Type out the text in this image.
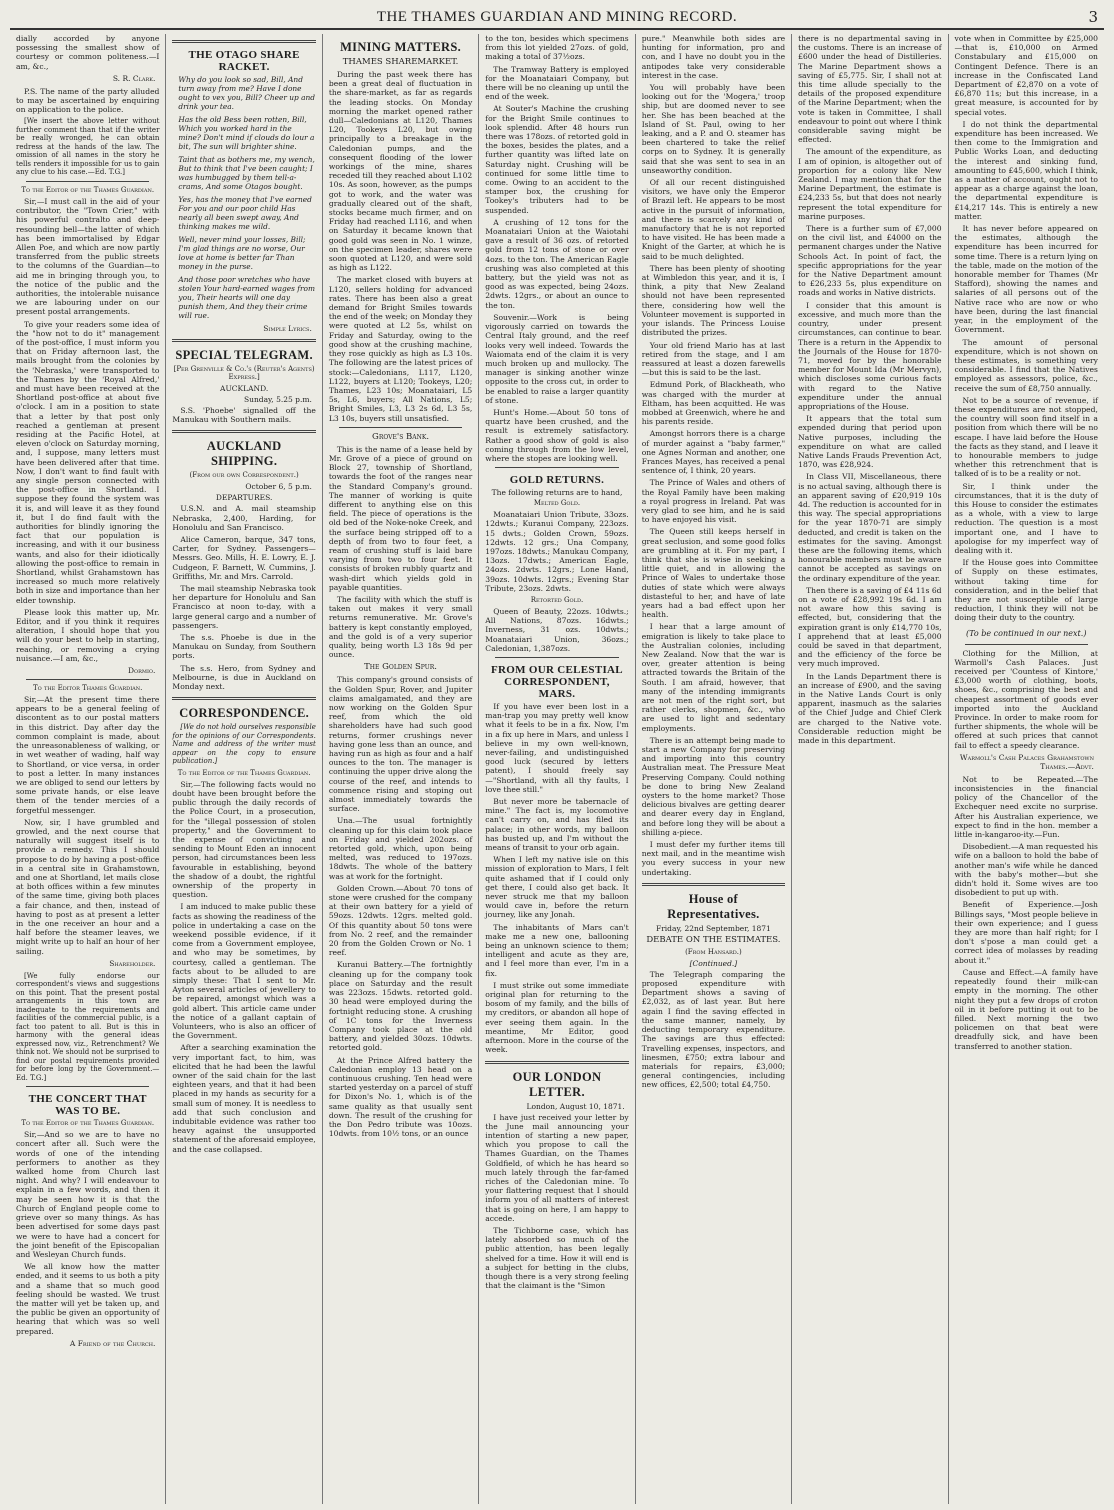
THE THAMES GUARDIAN AND MINING RECORD.	3

dially accorded by anyone possessing the smallest show of courtesy or common politeness.—I am, &c.,

S. R. Clark.

P.S. The name of the party alluded to may be ascertained by enquiring on application to the police.

[We insert the above letter without further comment than that if the writer be really wronged, he can obtain redress at the hands of the law. The omission of all names in the story he tells renders it impossible for us to gain any clue to his case.—Ed. T.G.]

To the Editor of the Thames Guardian.

Sir,—I must call in the aid of your contributor, the "Town Crier," with his powerful contralto and deep-resounding bell—the latter of which has been immortalised by Edgar Allen Poe, and which are now partly transferred from the public streets to the columns of the Guardian—to aid me in bringing through you, to the notice of the public and the authorities, the intolerable nuisance we are labouring under on our present postal arrangements.

To give your readers some idea of the "how not to do it" management of the post-office, I must inform you that on Friday afternoon last, the mails brought from the colonies by the 'Nebraska,' were transported to the Thames by the 'Royal Alfred,' and must have been received at the Shortland post-office at about five o'clock. I am in a position to state that a letter by that post only reached a gentleman at present residing at the Pacific Hotel, at eleven o'clock on Saturday morning, and, I suppose, many letters must have been delivered after that time. Now, I don't want to find fault with any single person connected with the post-office in Shortland. I suppose they found the system was it is, and will leave it as they found it, but I do find fault with the authorities for blindly ignoring the fact that our population is increasing, and with it our business wants, and also for their idiotically allowing the post-office to remain in Shortland, whilst Grahamstown has increased so much more relatively both in size and importance than her elder township.

Please look this matter up, Mr. Editor, and if you think it requires alteration, I should hope that you will do your best to help in starting, reaching, or removing a crying nuisance.—I am, &c.,

Dormio.
To the Editor Thames Guardian.

Sir,—At the present time there appears to be a general feeling of discontent as to our postal matters in this district. Day after day the common complaint is made, about the unreasonableness of walking, or in wet weather of wading, half way to Shortland, or vice versa, in order to post a letter. In many instances we are obliged to send our letters by some private hands, or else leave them of the tender mercies of a forgetful messenger.

Now, sir, I have grumbled and growled, and the next course that naturally will suggest itself is to provide a remedy. This I should propose to do by having a post-office in a central site in Grahamstown, and one at Shortland, let mails close at both offices within a few minutes of the same time, giving both places a fair chance, and then, instead of having to post as at present a letter in the one receiver an hour and a half before the steamer leaves, we might write up to half an hour of her sailing.

Shareholder.

[We fully endorse our correspondent's views and suggestions on this point. That the present postal arrangements in this town are inadequate to the requirements and facilities of the commercial public, is a fact too patent to all. But is this in harmony with the general ideas expressed now, viz., Retrenchment? We think not. We should not be surprised to find our postal requirements provided for before long by the Government.—Ed. T.G.]

THE CONCERT THAT WAS TO BE.
To the Editor of the Thames Guardian.

Sir,—And so we are to have no concert after all. Such were the words of one of the intending performers to another as they walked home from Church last night. And why? I will endeavour to explain in a few words, and then it may be seen how it is that the Church of England people come to grieve over so many things. As has been advertised for some days past we were to have had a concert for the joint benefit of the Episcopalian and Wesleyan Church funds.

We all know how the matter ended, and it seems to us both a pity and a shame that so much good feeling should be wasted. We trust the matter will yet be taken up, and the public be given an opportunity of hearing that which was so well prepared.

A Friend of the Church.
THE OTAGO SHARE RACKET.

Why do you look so sad, Bill, And turn away from me? Have I done ought to vex you, Bill? Cheer up and drink your tea.

Has the old Bess been rotten, Bill, Which you worked hard in the mine? Don't mind if clouds do lour a bit, The sun will brighter shine.

Taint that as bothers me, my wench, But to think that I've been caught; I was humbugged by them tell-a-crams, And some Otagos bought.

Yes, has the money that I've earned For you and our poor child Has nearly all been swept away, And thinking makes me wild.

Well, never mind your losses, Bill; I'm glad things are no worse, Our love at home is better far Than money in the purse.

And those poor wretches who have stolen Your hard-earned wages from you, Their hearts will one day punish them, And they their crime will rue.

Simple Lyrics.
SPECIAL TELEGRAM.
[Per Grenville & Co.'s (Reuter's Agents) Express.]
AUCKLAND.
Sunday, 5.25 p.m.

S.S. 'Phoebe' signalled off the Manukau with Southern mails.

AUCKLAND SHIPPING.
(From our own Correspondent.)
October 6, 5 p.m.
DEPARTURES.

U.S.N. and A. mail steamship Nebraska, 2,400, Harding, for Honolulu and San Francisco.

Alice Cameron, barque, 347 tons, Carter, for Sydney. Passengers—Messrs. Geo. Mills, H. E. Lowry, E. J. Cudgeon, F. Barnett, W. Cummins, J. Griffiths, Mr. and Mrs. Carrold.

The mail steamship Nebraska took her departure for Honolulu and San Francisco at noon to-day, with a large general cargo and a number of passengers.

The s.s. Phoebe is due in the Manukau on Sunday, from Southern ports.

The s.s. Hero, from Sydney and Melbourne, is due in Auckland on Monday next.

CORRESPONDENCE.

[We do not hold ourselves responsible for the opinions of our Correspondents. Name and address of the writer must appear on the copy to ensure publication.]

To the Editor of the Thames Guardian.

Sir,—The following facts would no doubt have been brought before the public through the daily records of the Police Court, in a prosecution, for the "illegal possession of stolen property," and the Government to the expense of convicting and sending to Mount Eden an innocent person, had circumstances been less favourable in establishing, beyond the shadow of a doubt, the rightful ownership of the property in question.

I am induced to make public these facts as showing the readiness of the police in undertaking a case on the weekend possible evidence, if it come from a Government employee, and who may be sometimes, by courtesy, called a gentleman. The facts about to be alluded to are simply these: That I sent to Mr. Ayton several articles of jewellery to be repaired, amongst which was a gold albert. This article came under the notice of a gallant captain of Volunteers, who is also an officer of the Government.

After a searching examination the very important fact, to him, was elicited that he had been the lawful owner of the said chain for the last eighteen years, and that it had been placed in my hands as security for a small sum of money. It is needless to add that such conclusion and indubitable evidence was rather too heavy against the unsupported statement of the aforesaid employee, and the case collapsed.

MINING MATTERS.
THAMES SHAREMARKET.

During the past week there has been a great deal of fluctuation in the share-market, as far as regards the leading stocks. On Monday morning the market opened rather dull—Caledonians at L120, Thames L20, Tookeys L20, but owing principally to a breakage in the Caledonian pumps, and the consequent flooding of the lower workings of the mine, shares receded till they reached about L102 10s. As soon, however, as the pumps got to work, and the water was gradually cleared out of the shaft, stocks became much firmer, and on Friday had reached L116, and when on Saturday it became known that good gold was seen in No. 1 winze, on the specimen leader, shares were soon quoted at L120, and were sold as high as L122.

The market closed with buyers at L120, sellers holding for advanced rates. There has been also a great demand for Bright Smiles towards the end of the week; on Monday they were quoted at L2 5s, whilst on Friday and Saturday, owing to the good show at the crushing machine, they rose quickly as high as L3 10s. The following are the latest prices of stock:—Caledonians, L117, L120, L122, buyers at L120; Tookeys, L20; Thames, L23 10s; Moanataiari, L5 5s, L6, buyers; All Nations, L5; Bright Smiles, L3, L3 2s 6d, L3 5s, L3 10s, buyers still unsatisfied.

Grove's Bank.

This is the name of a lease held by Mr. Grove of a piece of ground on Block 27, township of Shortland, towards the foot of the ranges near the Standard Company's ground. The manner of working is quite different to anything else on this field. The piece of operations is the old bed of the Noke-noke Creek, and the surface being stripped off to a depth of from two to four feet, a ream of crushing stuff is laid bare varying from two to four feet. It consists of broken rubbly quartz and wash-dirt which yields gold in payable quantities.

The facility with which the stuff is taken out makes it very small returns remunerative. Mr. Grove's battery is kept constantly employed, and the gold is of a very superior quality, being worth L3 18s 9d per ounce.

The Golden Spur.

This company's ground consists of the Golden Spur, Rover, and Jupiter claims amalgamated, and they are now working on the Golden Spur reef, from which the old shareholders have had such good returns, former crushings never having gone less than an ounce, and having run as high as four and a half ounces to the ton. The manager is continuing the upper drive along the course of the reef, and intends to commence rising and stoping out almost immediately towards the surface.

Una.—The usual fortnightly cleaning up for this claim took place on Friday and yielded 202ozs. of retorted gold, which, upon being melted, was reduced to 197ozs. 18dwts. The whole of the battery was at work for the fortnight.

Golden Crown.—About 70 tons of stone were crushed for the company at their own battery for a yield of 59ozs. 12dwts. 12grs. melted gold. Of this quantity about 50 tons were from No. 2 reef, and the remainder 20 from the Golden Crown or No. 1 reef.

Kuranui Battery.—The fortnightly cleaning up for the company took place on Saturday and the result was 223ozs. 15dwts. retorted gold. 30 head were employed during the fortnight reducing stone. A crushing of 1C tons for the Inverness Company took place at the old battery, and yielded 30ozs. 10dwts. retorted gold.

At the Prince Alfred battery the Caledonian employ 13 head on a continuous crushing. Ten head were started yesterday on a parcel of stuff for Dixon's No. 1, which is of the same quality as that usually sent down. The result of the crushing for the Don Pedro tribute was 10ozs. 10dwts. from 10½ tons, or an ounce

to the ton, besides which specimens from this lot yielded 27ozs. of gold, making a total of 37½ozs.

The Tramway Battery is employed for the Moanataiari Company, but there will be no cleaning up until the end of the week.

At Souter's Machine the crushing for the Bright Smile continues to look splendid. After 48 hours run there was 178ozs. of retorted gold in the boxes, besides the plates, and a further quantity was lifted late on Saturday night. Crushing will be continued for some little time to come. Owing to an accident to the stamper box, the crushing for Tookey's tributers had to be suspended.

A crushing of 12 tons for the Moanataiari Union at the Waiotahi gave a result of 36 ozs. of retorted gold from 12 tons of stone or over 4ozs. to the ton. The American Eagle crushing was also completed at this battery, but the yield was not as good as was expected, being 24ozs. 2dwts. 12grs., or about an ounce to the ton.

Souvenir.—Work is being vigorously carried on towards the Central Italy ground, and the reef looks very well indeed. Towards the Waiomata end of the claim it is very much broken up and mullocky. The manager is sinking another winze opposite to the cross cut, in order to be enabled to raise a larger quantity of stone.

Hunt's Home.—About 50 tons of quartz have been crushed, and the result is extremely satisfactory. Rather a good show of gold is also coming through from the low level, where the stopes are looking well.

GOLD RETURNS.
The following returns are to hand,
Melted Gold.

Moanataiari Union Tribute, 33ozs. 12dwts.; Kuranui Company, 223ozs. 15 dwts.; Golden Crown, 59ozs. 12dwts. 12 grs.; Una Company, 197ozs. 18dwts.; Manukau Company, 13ozs. 17dwts.; American Eagle, 24ozs. 2dwts. 12grs.; Lone Hand, 39ozs. 10dwts. 12grs.; Evening Star Tribute, 23ozs. 2dwts.

Retorted Gold.

Queen of Beauty, 22ozs. 10dwts.; All Nations, 87ozs. 16dwts.; Inverness, 31 ozs. 10dwts.; Moanataiari Union, 36ozs.; Caledonian, 1,387ozs.

FROM OUR CELESTIAL CORRESPONDENT, MARS.

If you have ever been lost in a man-trap you may pretty well know what it feels to be in a fix. Now, I'm in a fix up here in Mars, and unless I believe in my own well-known, never-failing, and undistinguished good luck (secured by letters patent), I should freely say—"Shortland, with all thy faults, I love thee still."

But never more be tabernacle of mine." The fact is, my locomotive can't carry on, and has filed its palace; in other words, my balloon has busted up, and I'm without the means of transit to your orb again.

When I left my native isle on this mission of exploration to Mars, I felt quite ashamed that if I could only get there, I could also get back. It never struck me that my balloon would cave in, before the return journey, like any Jonah.

The inhabitants of Mars can't make me a new one, ballooning being an unknown science to them; intelligent and acute as they are, and I feel more than ever, I'm in a fix.

I must strike out some immediate original plan for returning to the bosom of my family, and the bills of my creditors, or abandon all hope of ever seeing them again. In the meantime, Mr Editor, good afternoon. More in the course of the week.

OUR LONDON LETTER.
London, August 10, 1871.

I have just received your letter by the June mail announcing your intention of starting a new paper, which you propose to call the Thames Guardian, on the Thames Goldfield, of which he has heard so much lately through the far-famed riches of the Caledonian mine. To your flattering request that I should inform you of all matters of interest that is going on here, I am happy to accede.

The Tichborne case, which has lately absorbed so much of the public attention, has been legally shelved for a time. How it will end is a subject for betting in the clubs, though there is a very strong feeling that the claimant is the "Simon

pure." Meanwhile both sides are hunting for information, pro and con, and I have no doubt you in the antipodes take very considerable interest in the case.

You will probably have been looking out for the 'Mogera,' troop ship, but are doomed never to see her. She has been beached at the Island of St. Paul, owing to her leaking, and a P. and O. steamer has been chartered to take the relief corps on to Sydney. It is generally said that she was sent to sea in an unseaworthy condition.

Of all our recent distinguished visitors, we have only the Emperor of Brazil left. He appears to be most active in the pursuit of information, and there is scarcely any kind of manufactory that he is not reported to have visited. He has been made a Knight of the Garter, at which he is said to be much delighted.

There has been plenty of shooting at Wimbledon this year, and it is, I think, a pity that New Zealand should not have been represented there, considering how well the Volunteer movement is supported in your islands. The Princess Louise distributed the prizes.

Your old friend Mario has at last retired from the stage, and I am reassured at least a dozen farewells—but this is said to be the last.

Edmund Pork, of Blackheath, who was charged with the murder at Eltham, has been acquitted. He was mobbed at Greenwich, where he and his parents reside.

Amongst horrors there is a charge of murder against a "baby farmer," one Agnes Norman and another, one Frances Mayes, has received a penal sentence of, I think, 20 years.

The Prince of Wales and others of the Royal Family have been making a royal progress in Ireland. Pat was very glad to see him, and he is said to have enjoyed his visit.

The Queen still keeps herself in great seclusion, and some good folks are grumbling at it. For my part, I think that she is wise in seeking a little quiet, and in allowing the Prince of Wales to undertake those duties of state which were always distasteful to her, and have of late years had a bad effect upon her health.

I hear that a large amount of emigration is likely to take place to the Australian colonies, including New Zealand. Now that the war is over, greater attention is being attracted towards the Britain of the South. I am afraid, however, that many of the intending immigrants are not men of the right sort, but rather clerks, shopmen, &c., who are used to light and sedentary employments.

There is an attempt being made to start a new Company for preserving and importing into this country Australian meat. The Pressure Meat Preserving Company. Could nothing be done to bring New Zealand oysters to the home market? Those delicious bivalves are getting dearer and dearer every day in England, and before long they will be about a shilling a-piece.

I must defer my further items till next mail, and in the meantime wish you every success in your new undertaking.

House of Representatives.
Friday, 22nd September, 1871
DEBATE ON THE ESTIMATES.
(From Hansard.)
[Continued.]

The Telegraph comparing the proposed expenditure with Department shows a saving of £2,032, as of last year. But here again I find the saving effected in the same manner, namely, by deducting temporary expenditure. The savings are thus effected: Travelling expenses, inspectors, and linesmen, £750; extra labour and materials for repairs, £3,000; general contingencies, including new offices, £2,500; total £4,750.

there is no departmental saving in the customs. There is an increase of £600 under the head of Distilleries. The Marine Department shows a saving of £5,775. Sir, I shall not at this time allude specially to the details of the proposed expenditure of the Marine Department; when the vote is taken in Committee, I shall endeavour to point out where I think considerable saving might be effected.

The amount of the expenditure, as I am of opinion, is altogether out of proportion for a colony like New Zealand. I may mention that for the Marine Department, the estimate is £24,233 5s, but that does not nearly represent the total expenditure for marine purposes.

There is a further sum of £7,000 on the civil list, and £4000 on the permanent charges under the Native Schools Act. In point of fact, the specific appropriations for the year for the Native Department amount to £26,233 5s, plus expenditure on roads and works in Native districts.

I consider that this amount is excessive, and much more than the country, under present circumstances, can continue to bear. There is a return in the Appendix to the Journals of the House for 1870-71, moved for by the honorable member for Mount Ida (Mr Mervyn), which discloses some curious facts with regard to the Native expenditure under the annual appropriations of the House.

It appears that the total sum expended during that period upon Native purposes, including the expenditure on what are called Native Lands Frauds Prevention Act, 1870, was £28,924.

In Class VII, Miscellaneous, there is no actual saving, although there is an apparent saving of £20,919 10s 4d. The reduction is accounted for in this way. The special appropriations for the year 1870-71 are simply deducted, and credit is taken on the estimates for the saving. Amongst these are the following items, which honourable members must be aware cannot be accepted as savings on the ordinary expenditure of the year.

Then there is a saving of £4 11s 6d on a vote of £28,992 19s 6d. I am not aware how this saving is effected, but, considering that the expiration grant is only £14,770 10s, I apprehend that at least £5,000 could be saved in that department, and the efficiency of the force be very much improved.

In the Lands Department there is an increase of £900, and the saving in the Native Lands Court is only apparent, inasmuch as the salaries of the Chief Judge and Chief Clerk are charged to the Native vote. Considerable reduction might be made in this department.

vote when in Committee by £25,000—that is, £10,000 on Armed Constabulary and £15,000 on Contingent Defence. There is an increase in the Confiscated Land Department of £2,870 on a vote of £6,870 11s; but this increase, in a great measure, is accounted for by special votes.

I do not think the departmental expenditure has been increased. We then come to the Immigration and Public Works Loan, and deducting the interest and sinking fund, amounting to £45,600, which I think, as a matter of account, ought not to appear as a charge against the loan, the departmental expenditure is £14,217 14s. This is entirely a new matter.

It has never before appeared on the estimates, although the expenditure has been incurred for some time. There is a return lying on the table, made on the motion of the honorable member for Thames (Mr Stafford), showing the names and salaries of all persons out of the Native race who are now or who have been, during the last financial year, in the employment of the Government.

The amount of personal expenditure, which is not shown on these estimates, is something very considerable. I find that the Natives employed as assessors, police, &c., receive the sum of £8,750 annually.

Not to be a source of revenue, if these expenditures are not stopped, the country will soon find itself in a position from which there will be no escape. I have laid before the House the facts as they stand, and I leave it to honourable members to judge whether this retrenchment that is talked of is to be a reality or not.

Sir, I think under the circumstances, that it is the duty of this House to consider the estimates as a whole, with a view to large reduction. The question is a most important one, and I have to apologise for my imperfect way of dealing with it.

If the House goes into Committee of Supply on these estimates, without taking time for consideration, and in the belief that they are not susceptible of large reduction, I think they will not be doing their duty to the country.

(To be continued in our next.)

Clothing for the Million, at Warmoll's Cash Palaces. Just received per 'Countess of Kintore,' £3,000 worth of clothing, boots, shoes, &c., comprising the best and cheapest assortment of goods ever imported into the Auckland Province. In order to make room for further shipments, the whole will be offered at such prices that cannot fail to effect a speedy clearance.

Warmoll's Cash Palaces Grahamstown Thames.—Advt.

Not to be Repeated.—The inconsistencies in the financial policy of the Chancellor of the Exchequer need excite no surprise. After his Australian experience, we expect to find in the hon. member a little in-kangaroo-ity.—Fun.

Disobedient.—A man requested his wife on a balloon to hold the babe of another man's wife while he danced with the baby's mother—but she didn't hold it. Some wives are too disobedient to put up with.

Benefit of Experience.—Josh Billings says, "Most people believe in their own experience; and I guess they are more than half right; for I don't s'pose a man could get a correct idea of molasses by reading about it."

Cause and Effect.—A family have repeatedly found their milk-can empty in the morning. The other night they put a few drops of croton oil in it before putting it out to be filled. Next morning the two policemen on that beat were dreadfully sick, and have been transferred to another station.
